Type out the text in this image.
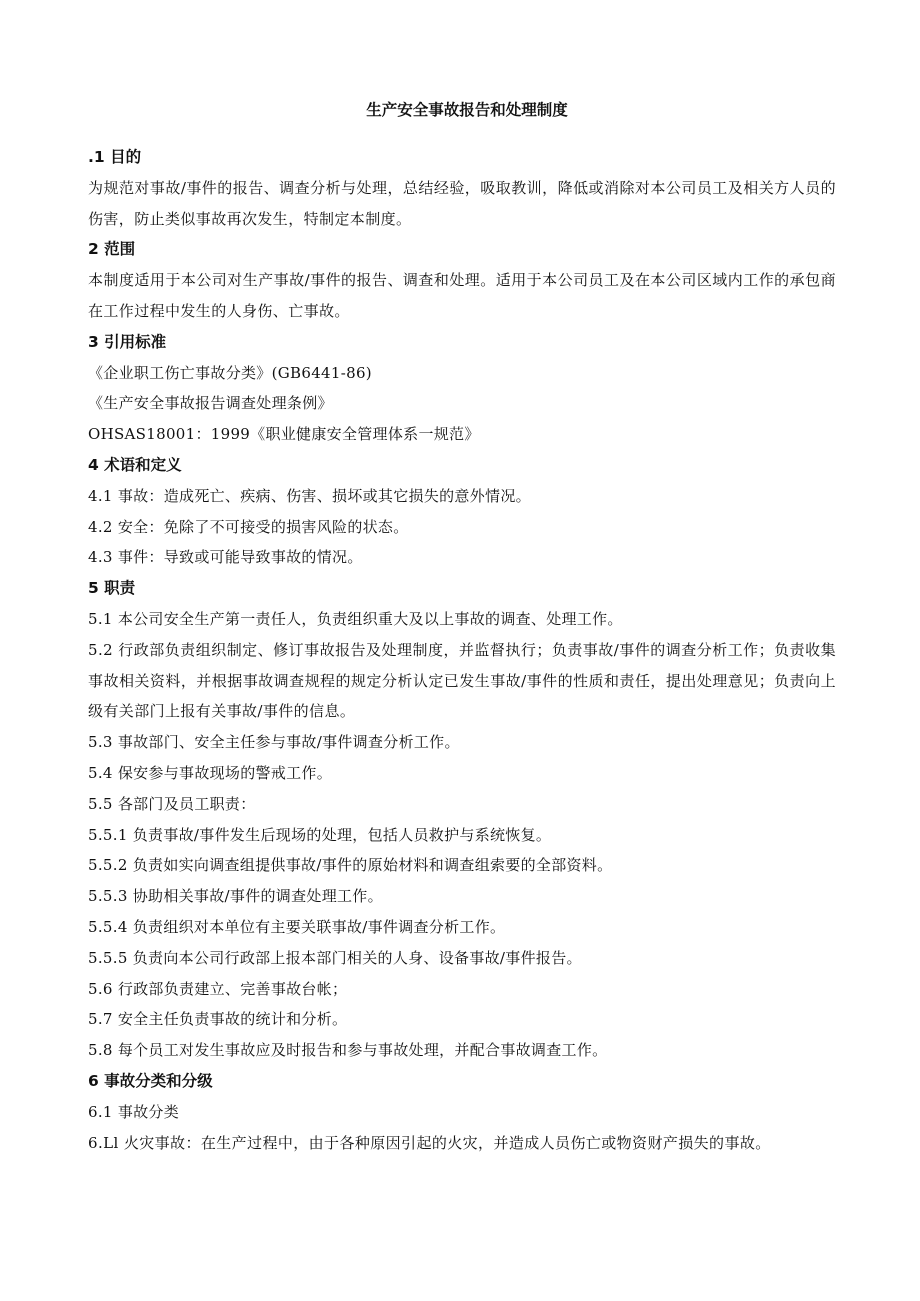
生产安全事故报告和处理制度
.1 目的

为规范对事故/事件的报告、调查分析与处理，总结经验，吸取教训，降低或消除对本公司员工及相关方人员的伤害，防止类似事故再次发生，特制定本制度。

2 范围

本制度适用于本公司对生产事故/事件的报告、调查和处理。适用于本公司员工及在本公司区域内工作的承包商在工作过程中发生的人身伤、亡事故。

3 引用标准

《企业职工伤亡事故分类》(GB6441-86)

《生产安全事故报告调查处理条例》

OHSAS18001：1999《职业健康安全管理体系一规范》

4 术语和定义

4.1 事故：造成死亡、疾病、伤害、损坏或其它损失的意外情况。

4.2 安全：免除了不可接受的损害风险的状态。

4.3 事件：导致或可能导致事故的情况。

5 职责

5.1 本公司安全生产第一责任人，负责组织重大及以上事故的调查、处理工作。

5.2 行政部负责组织制定、修订事故报告及处理制度，并监督执行；负责事故/事件的调查分析工作；负责收集事故相关资料，并根据事故调查规程的规定分析认定已发生事故/事件的性质和责任，提出处理意见；负责向上级有关部门上报有关事故/事件的信息。

5.3 事故部门、安全主任参与事故/事件调查分析工作。

5.4 保安参与事故现场的警戒工作。

5.5 各部门及员工职责：

5.5.1 负责事故/事件发生后现场的处理，包括人员救护与系统恢复。

5.5.2 负责如实向调查组提供事故/事件的原始材料和调查组索要的全部资料。

5.5.3 协助相关事故/事件的调查处理工作。

5.5.4 负责组织对本单位有主要关联事故/事件调查分析工作。

5.5.5 负责向本公司行政部上报本部门相关的人身、设备事故/事件报告。

5.6 行政部负责建立、完善事故台帐；

5.7 安全主任负责事故的统计和分析。

5.8 每个员工对发生事故应及时报告和参与事故处理，并配合事故调查工作。

6 事故分类和分级

6.1 事故分类

6.Ll 火灾事故：在生产过程中，由于各种原因引起的火灾，并造成人员伤亡或物资财产损失的事故。
